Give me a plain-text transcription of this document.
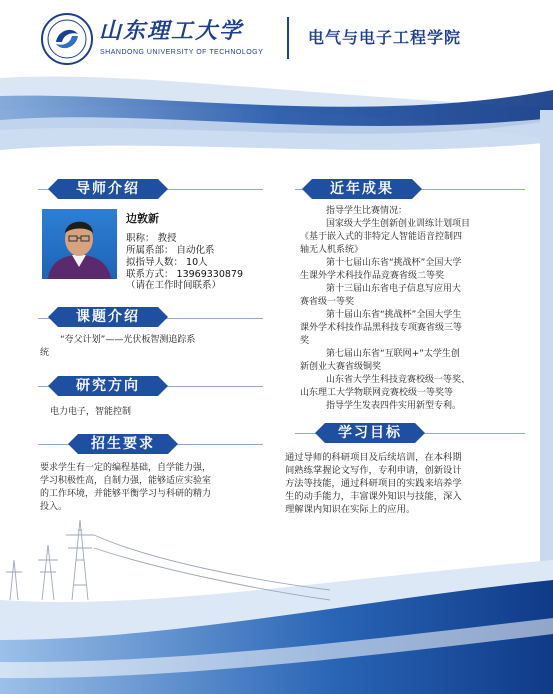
山东理工大学
SHANDONG UNIVERSITY OF TECHNOLOGY
电气与电子工程学院
导师介绍
边敦新
职称： 教授
所属系部： 自动化系
拟指导人数： 10人
联系方式： 13969330879
（请在工作时间联系）
课题介绍
“夸父计划”——光伏板智测追踪系
统
研究方向
电力电子，智能控制
招生要求
要求学生有一定的编程基础，自学能力强，
学习积极性高，自制力强，能够适应实验室
的工作环境，并能够平衡学习与科研的精力
投入。
近年成果
指导学生比赛情况：
国家级大学生创新创业训练计划项目
《基于嵌入式的非特定人智能语音控制四
轴无人机系统》
第十七届山东省“挑战杯”全国大学
生课外学术科技作品竞赛省级二等奖
第十三届山东省电子信息写应用大
赛省级一等奖
第十届山东省“挑战杯”全国大学生
课外学术科技作品黑科技专项赛省级三等
奖
第七届山东省“互联网+”太学生创
新创业大赛省级铜奖
山东省大学生科技竞赛校级一等奖、
山东理工大学物联网竞赛校级一等奖等
指导学生发表四件实用新型专利。
学习目标
通过导师的科研项目及后续培训，在本科期
间熟练掌握论文写作，专利申请，创新设计
方法等技能，通过科研项目的实践来培养学
生的动手能力，丰富课外知识与技能，深入
理解课内知识在实际上的应用。
